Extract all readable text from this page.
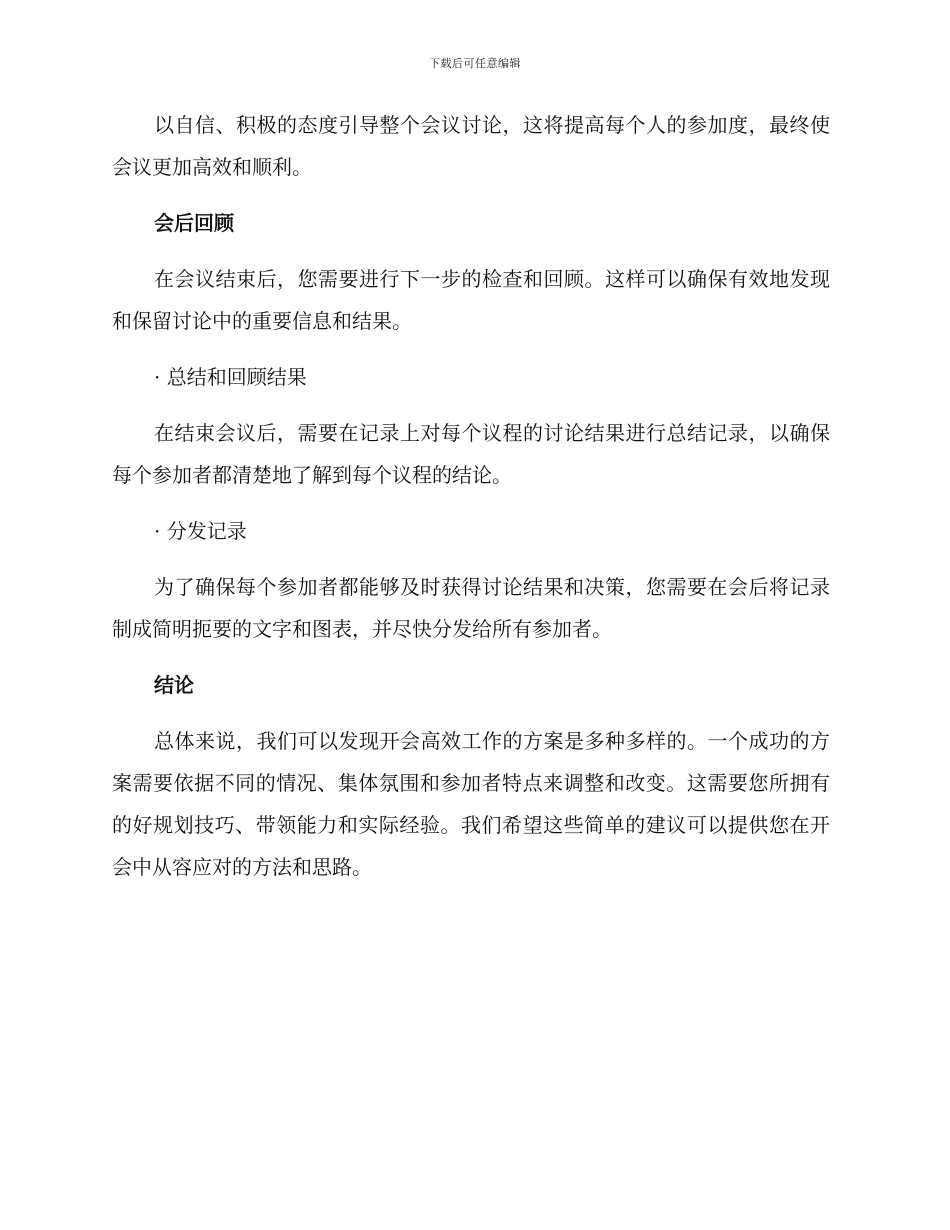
下载后可任意编辑

以自信、积极的态度引导整个会议讨论，这将提高每个人的参加度，最终使会议更加高效和顺利。

会后回顾

在会议结束后，您需要进行下一步的检查和回顾。这样可以确保有效地发现和保留讨论中的重要信息和结果。

· 总结和回顾结果

在结束会议后，需要在记录上对每个议程的讨论结果进行总结记录，以确保每个参加者都清楚地了解到每个议程的结论。

· 分发记录

为了确保每个参加者都能够及时获得讨论结果和决策，您需要在会后将记录制成简明扼要的文字和图表，并尽快分发给所有参加者。

结论

总体来说，我们可以发现开会高效工作的方案是多种多样的。一个成功的方案需要依据不同的情况、集体氛围和参加者特点来调整和改变。这需要您所拥有的好规划技巧、带领能力和实际经验。我们希望这些简单的建议可以提供您在开会中从容应对的方法和思路。
